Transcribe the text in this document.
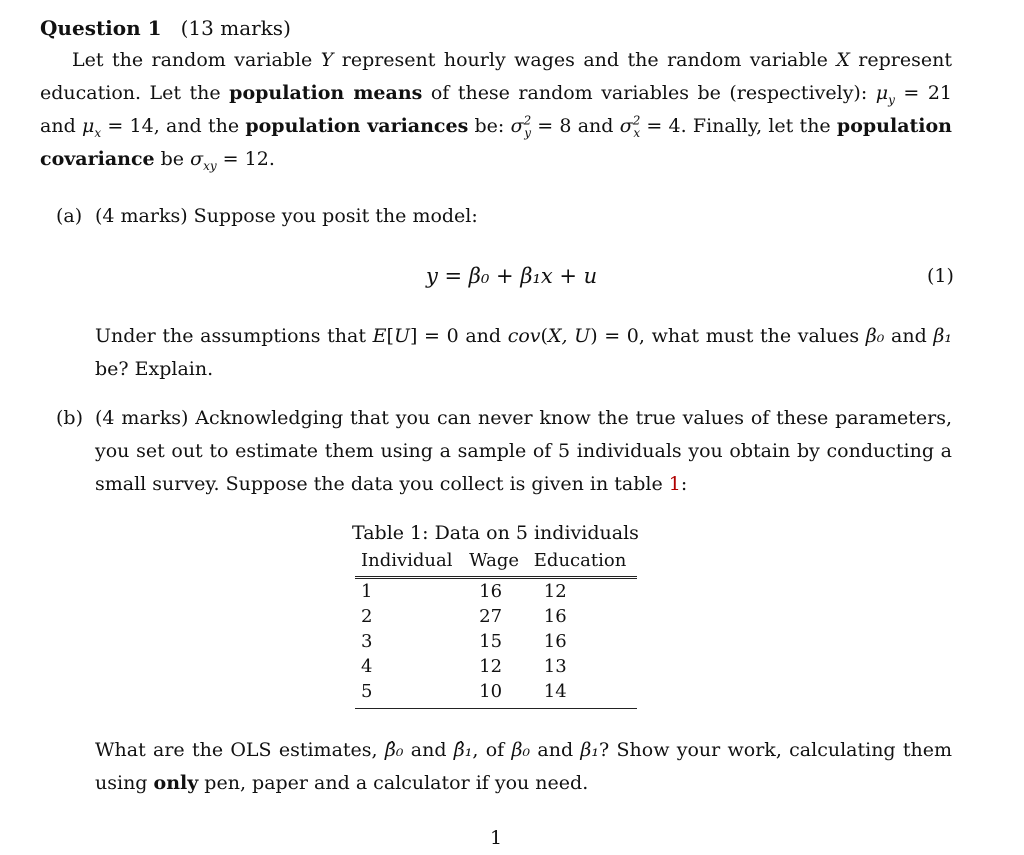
Question 1 (13 marks)

Let the random variable Y represent hourly wages and the random variable X represent education. Let the population means of these random variables be (respectively): $\mu_y = 21$ and $\mu_x = 14$, and the population variances be: $\sigma^2_y = 8$ and $\sigma^2_x = 4$. Finally, let the population covariance be $\sigma_{xy} = 12$.

(a) (4 marks) Suppose you posit the model:
y = β₀ + β₁x + u	(1)
Under the assumptions that E[U] = 0 and cov(X, U) = 0, what must the values β₀ and β₁ be? Explain.
(b) (4 marks) Acknowledging that you can never know the true values of these parameters, you set out to estimate them using a sample of 5 individuals you obtain by conducting a small survey. Suppose the data you collect is given in table 1:
Table 1: Data on 5 individuals
Individual	Wage	Education
1	16	12
2	27	16
3	15	16
4	12	13
5	10	14
What are the OLS estimates, β̂₀ and β̂₁, of β₀ and β₁? Show your work, calculating them using only pen, paper and a calculator if you need.
1
